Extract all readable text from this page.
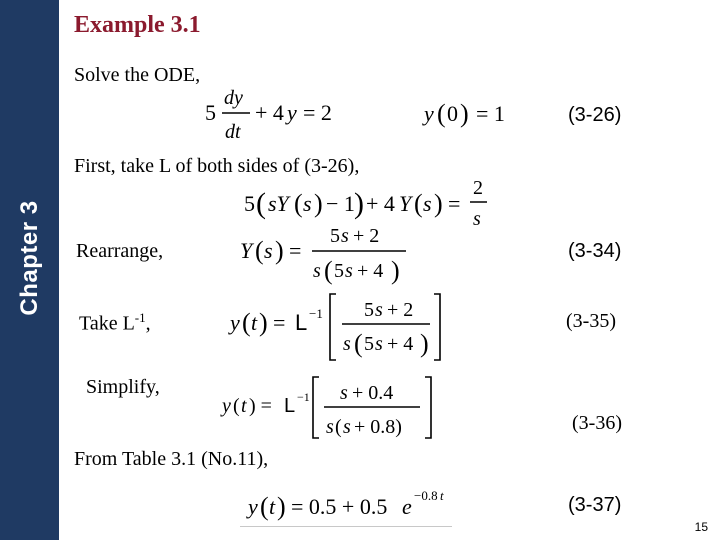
Chapter 3
Example 3.1
Solve the ODE,
5
dy
dt
+ 4 y = 2	y ( 0 ) = 1	(3-26)
First, take L of both sides of (3-26),
5 ( sY ( s ) − 1 ) + 4 Y ( s ) =
2
s
Rearrange,	Y ( s ) =
5 s + 2
s ( 5 s + 4 )
(3-34)
Take $L^{-1}$,	y ( t ) = L −1 5 s + 2
s ( 5 s + 4 )
(3-35)
Simplify,
y ( t ) = L −1 s + 0.4
s ( s + 0.8)	(3-36)
From Table 3.1 (No.11),
y ( t ) = 0.5 + 0.5 e −0.8 t	(3-37)
15
